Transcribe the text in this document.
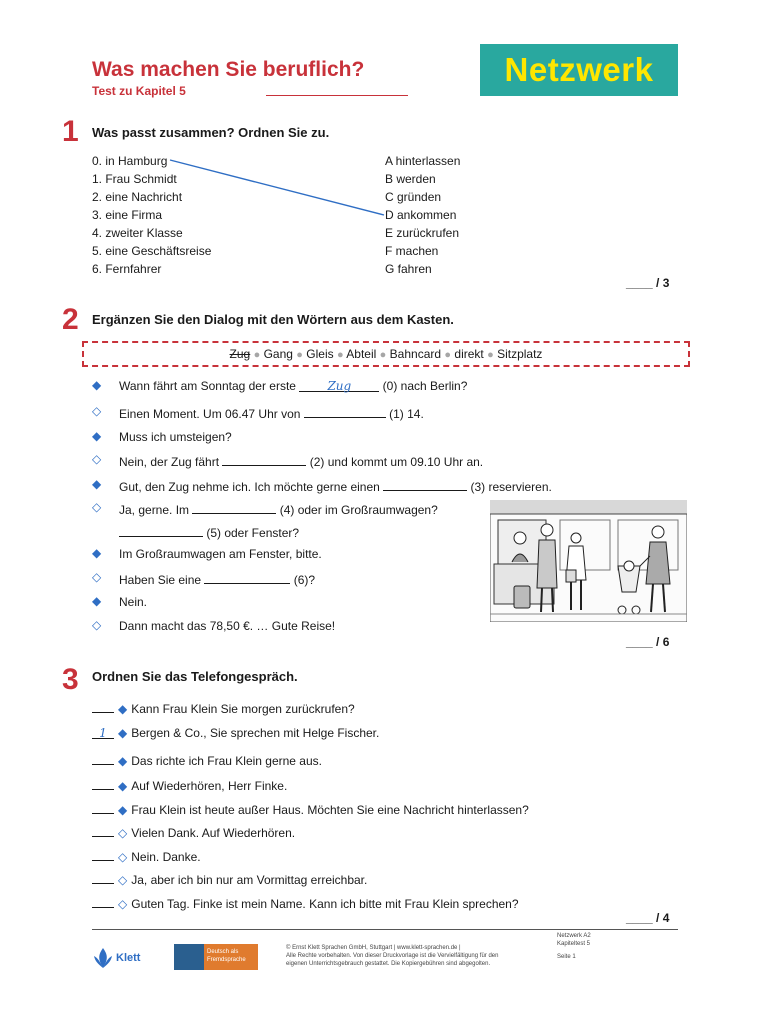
Was machen Sie beruflich?
Test zu Kapitel 5
Netzwerk
1 Was passt zusammen? Ordnen Sie zu.
0. in Hamburg
1. Frau Schmidt
2. eine Nachricht
3. eine Firma
4. zweiter Klasse
5. eine Geschäftsreise
6. Fernfahrer
A hinterlassen
B werden
C gründen
D ankommen
E zurückrufen
F machen
G fahren
____ / 3
2 Ergänzen Sie den Dialog mit den Wörtern aus dem Kasten.
Zug ● Gang ● Gleis ● Abteil ● Bahncard ● direkt ● Sitzplatz
◆ Wann fährt am Sonntag der erste Zug (0) nach Berlin?
◇ Einen Moment. Um 06.47 Uhr von	(1) 14.
◆ Muss ich umsteigen?
◇ Nein, der Zug fährt	(2) und kommt um 09.10 Uhr an.
◆ Gut, den Zug nehme ich. Ich möchte gerne einen	(3) reservieren.
◇ Ja, gerne. Im	(4) oder im Großraumwagen?
(5) oder Fenster?
◆ Im Großraumwagen am Fenster, bitte.
◇ Haben Sie eine	(6)?
◆ Nein.
◇ Dann macht das 78,50 €. … Gute Reise!
____ / 6
3 Ordnen Sie das Telefongespräch.
◆ Kann Frau Klein Sie morgen zurückrufen?
1 ◆ Bergen & Co., Sie sprechen mit Helge Fischer.
◆ Das richte ich Frau Klein gerne aus.
◆ Auf Wiederhören, Herr Finke.
◆ Frau Klein ist heute außer Haus. Möchten Sie eine Nachricht hinterlassen?
◇ Vielen Dank. Auf Wiederhören.
◇ Nein. Danke.
◇ Ja, aber ich bin nur am Vormittag erreichbar.
◇ Guten Tag. Finke ist mein Name. Kann ich bitte mit Frau Klein sprechen?
____ / 4
Klett	Deutsch als Fremdsprache
© Ernst Klett Sprachen GmbH, Stuttgart | www.klett-sprachen.de |
Alle Rechte vorbehalten. Von dieser Druckvorlage ist die Vervielfältigung für den
eigenen Unterrichtsgebrauch gestattet. Die Kopiergebühren sind abgegolten.
Netzwerk A2
Kapiteltest 5
Seite 1
